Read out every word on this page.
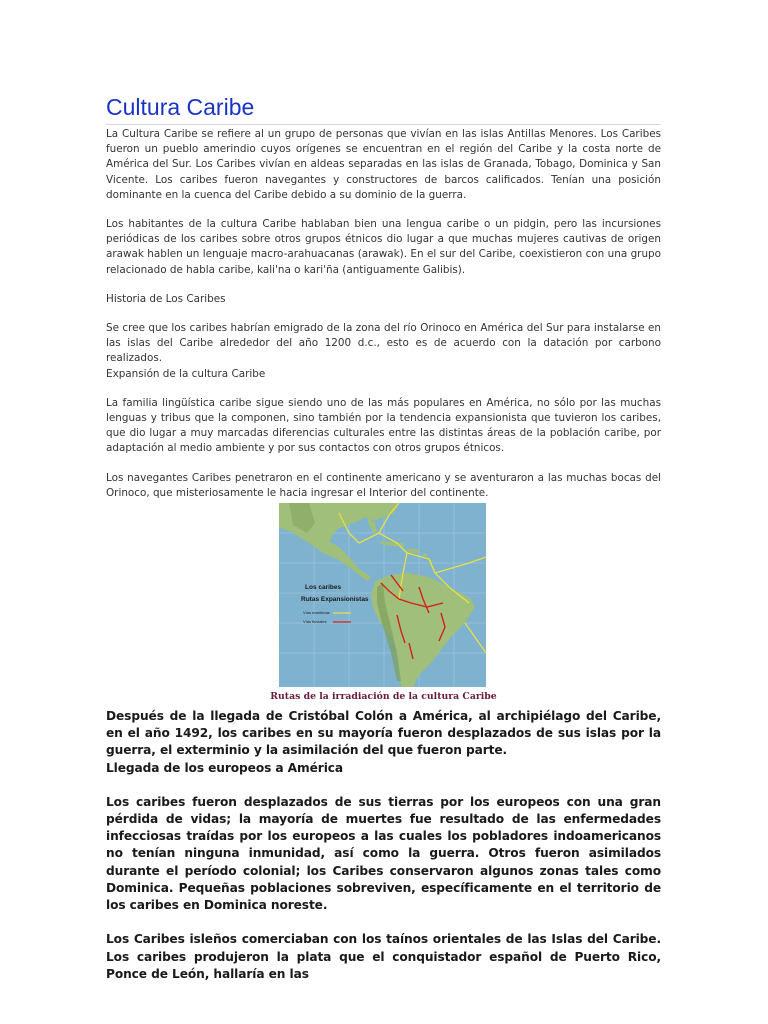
Cultura Caribe

La Cultura Caribe se refiere al un grupo de personas que vivían en las islas Antillas Menores. Los Caribes fueron un pueblo amerindio cuyos orígenes se encuentran en el región del Caribe y la costa norte de América del Sur. Los Caribes vivían en aldeas separadas en las islas de Granada, Tobago, Dominica y San Vicente. Los caribes fueron navegantes y constructores de barcos calificados. Tenían una posición dominante en la cuenca del Caribe debido a su dominio de la guerra.

Los habitantes de la cultura Caribe hablaban bien una lengua caribe o un pidgin, pero las incursiones periódicas de los caribes sobre otros grupos étnicos dio lugar a que muchas mujeres cautivas de origen arawak hablen un lenguaje macro-arahuacanas (arawak). En el sur del Caribe, coexistieron con una grupo relacionado de habla caribe, kali'na o kari'ña (antiguamente Galibis).

Historia de Los Caribes

Se cree que los caribes habrían emigrado de la zona del río Orinoco en América del Sur para instalarse en las islas del Caribe alrededor del año 1200 d.c., esto es de acuerdo con la datación por carbono realizados.

Expansión de la cultura Caribe

La familia lingüística caribe sigue siendo uno de las más populares en América, no sólo por las muchas lenguas y tribus que la componen, sino también por la tendencia expansionista que tuvieron los caribes, que dio lugar a muy marcadas diferencias culturales entre las distintas áreas de la población caribe, por adaptación al medio ambiente y por sus contactos con otros grupos étnicos.

Los navegantes Caribes penetraron en el continente americano y se aventuraron a las muchas bocas del Orinoco, que misteriosamente le hacia ingresar el Interior del continente.

Los caribes
Rutas Expansionistas
Vías marítimas
Vías fluviales
Rutas de la irradiación de la cultura Caribe

Después de la llegada de Cristóbal Colón a América, al archipiélago del Caribe, en el año 1492, los caribes en su mayoría fueron desplazados de sus islas por la guerra, el exterminio y la asimilación del que fueron parte.

Llegada de los europeos a América

Los caribes fueron desplazados de sus tierras por los europeos con una gran pérdida de vidas; la mayoría de muertes fue resultado de las enfermedades infecciosas traídas por los europeos a las cuales los pobladores indoamericanos no tenían ninguna inmunidad, así como la guerra. Otros fueron asimilados durante el período colonial; los Caribes conservaron algunos zonas tales como Dominica. Pequeñas poblaciones sobreviven, específicamente en el territorio de los caribes en Dominica noreste.

Los Caribes isleños comerciaban con los taínos orientales de las Islas del Caribe. Los caribes produjeron la plata que el conquistador español de Puerto Rico, Ponce de León, hallaría en las
